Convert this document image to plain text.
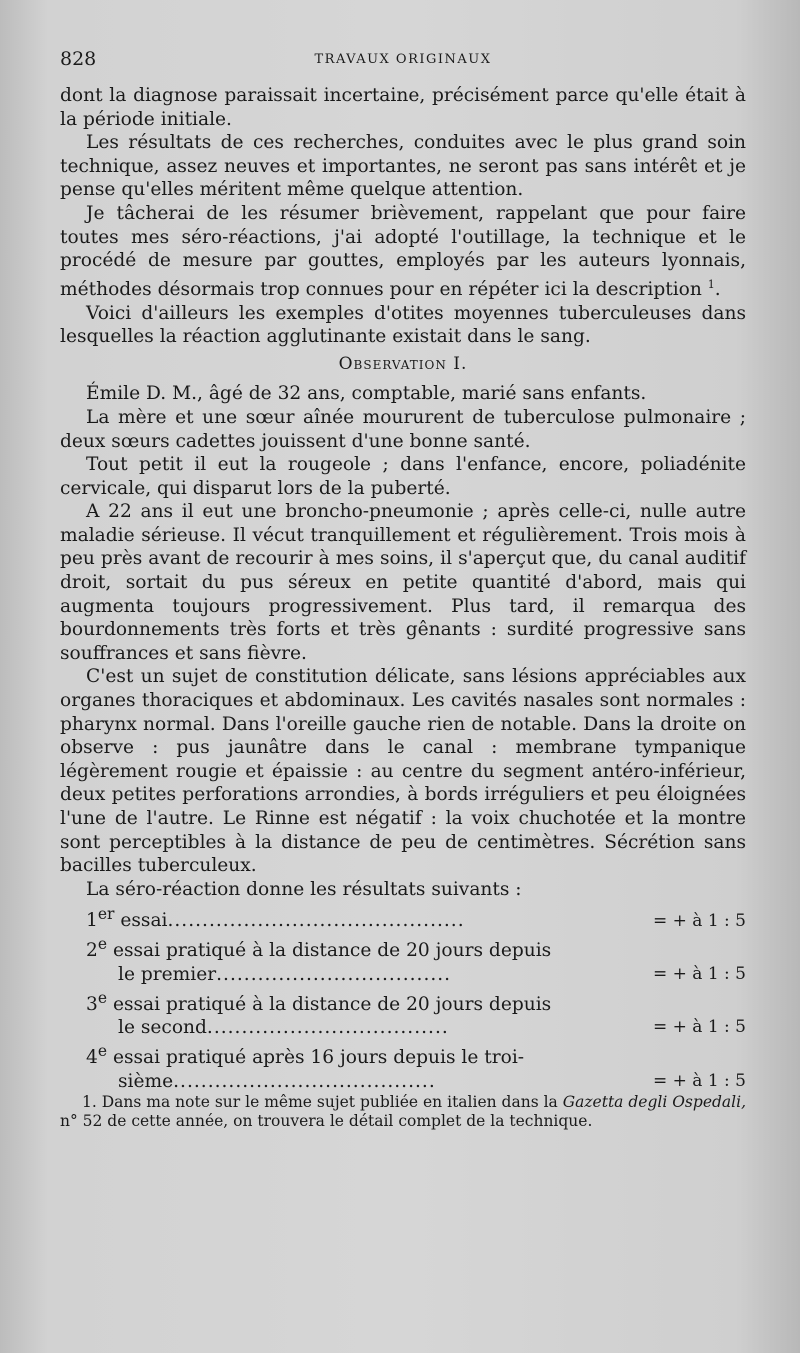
828	TRAVAUX ORIGINAUX

dont la diagnose paraissait incertaine, précisément parce qu'elle était à la période initiale.

Les résultats de ces recherches, conduites avec le plus grand soin technique, assez neuves et importantes, ne seront pas sans intérêt et je pense qu'elles méritent même quelque attention.

Je tâcherai de les résumer brièvement, rappelant que pour faire toutes mes séro-réactions, j'ai adopté l'outillage, la technique et le procédé de mesure par gouttes, employés par les auteurs lyonnais, méthodes désormais trop connues pour en répéter ici la description $^1$.

Voici d'ailleurs les exemples d'otites moyennes tuberculeuses dans lesquelles la réaction agglutinante existait dans le sang.

Observation I.

Émile D. M., âgé de 32 ans, comptable, marié sans enfants.

La mère et une sœur aînée moururent de tuberculose pulmonaire ; deux sœurs cadettes jouissent d'une bonne santé.

Tout petit il eut la rougeole ; dans l'enfance, encore, poliadénite cervicale, qui disparut lors de la puberté.

A 22 ans il eut une broncho-pneumonie ; après celle-ci, nulle autre maladie sérieuse. Il vécut tranquillement et régulièrement. Trois mois à peu près avant de recourir à mes soins, il s'aperçut que, du canal auditif droit, sortait du pus séreux en petite quantité d'abord, mais qui augmenta toujours progressivement. Plus tard, il remarqua des bourdonnements très forts et très gênants : surdité progressive sans souffrances et sans fièvre.

C'est un sujet de constitution délicate, sans lésions appréciables aux organes thoraciques et abdominaux. Les cavités nasales sont normales : pharynx normal. Dans l'oreille gauche rien de notable. Dans la droite on observe : pus jaunâtre dans le canal : membrane tympanique légèrement rougie et épaissie : au centre du segment antéro-inférieur, deux petites perforations arrondies, à bords irréguliers et peu éloignées l'une de l'autre. Le Rinne est négatif : la voix chuchotée et la montre sont perceptibles à la distance de peu de centimètres. Sécrétion sans bacilles tuberculeux.

La séro-réaction donne les résultats suivants :

1er essai...........................................	= + à 1 : 5

2e essai pratiqué à la distance de 20 jours depuis
le premier..................................	= + à 1 : 5

3e essai pratiqué à la distance de 20 jours depuis
le second...................................	= + à 1 : 5

4e essai pratiqué après 16 jours depuis le troi-
sième......................................	= + à 1 : 5

1. Dans ma note sur le même sujet publiée en italien dans la Gazetta degli Ospedali, n° 52 de cette année, on trouvera le détail complet de la technique.
